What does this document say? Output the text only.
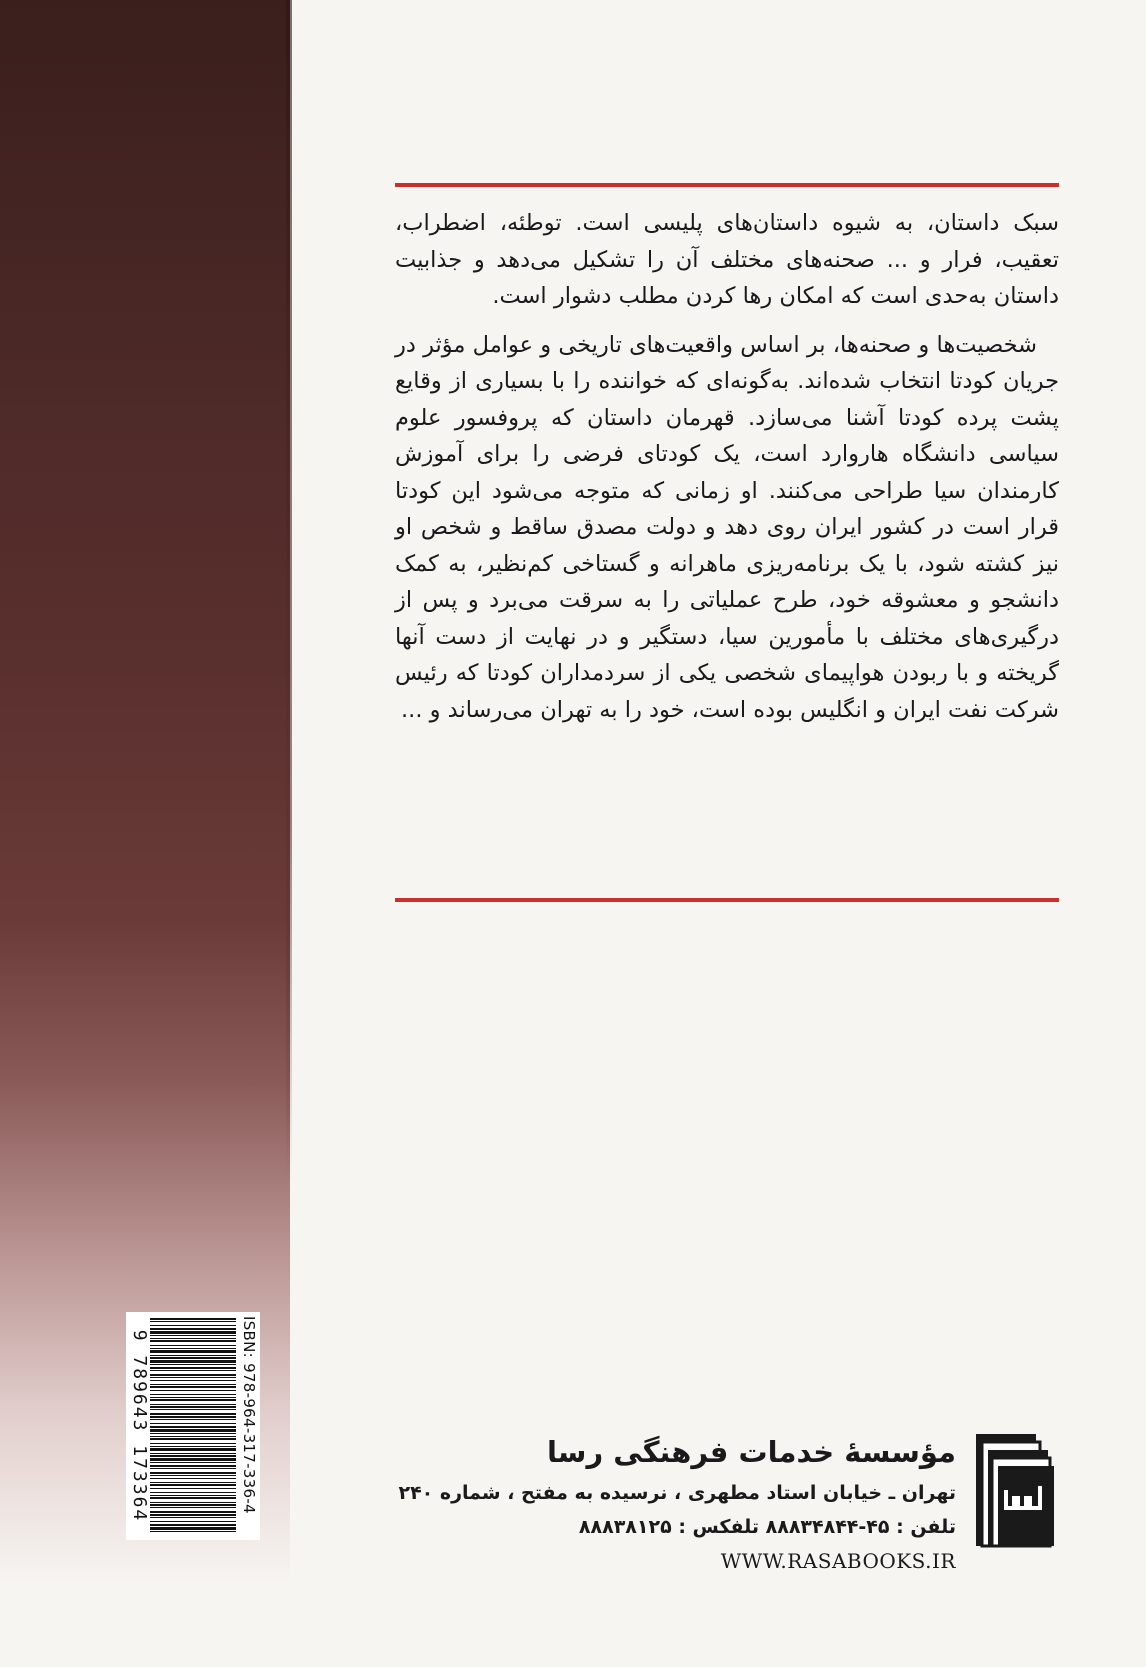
سبک داستان، به شیوه داستان‌های پلیسی است. توطئه، اضطراب، تعقیب، فرار و ... صحنه‌های مختلف آن را تشکیل می‌دهد و جذابیت داستان به‌حدی است که امکان رها کردن مطلب دشوار است.

شخصیت‌ها و صحنه‌ها، بر اساس واقعیت‌های تاریخی و عوامل مؤثر در جریان کودتا انتخاب شده‌اند. به‌گونه‌ای که خواننده را با بسیاری از وقایع پشت پرده کودتا آشنا می‌سازد. قهرمان داستان که پروفسور علوم سیاسی دانشگاه هاروارد است، یک کودتای فرضی را برای آموزش کارمندان سیا طراحی می‌کنند. او زمانی که متوجه می‌شود این کودتا قرار است در کشور ایران روی دهد و دولت مصدق ساقط و شخص او نیز کشته شود، با یک برنامه‌ریزی ماهرانه و گستاخی کم‌نظیر، به کمک دانشجو و معشوقه خود، طرح عملیاتی را به سرقت می‌برد و پس از درگیری‌های مختلف با مأمورین سیا، دستگیر و در نهایت از دست آنها گریخته و با ربودن هواپیمای شخصی یکی از سردمداران کودتا که رئیس شرکت نفت ایران و انگلیس بوده است، خود را به تهران می‌رساند و ...

ISBN: 978-964-317-336-4
9 789643 173364	مؤسسهٔ خدمات فرهنگی رسا
تهران ـ خیابان استاد مطهری ، نرسیده به مفتح ، شماره ۲۴۰
تلفن : ۴۵-۸۸۸۳۴۸۴۴ تلفکس : ۸۸۸۳۸۱۲۵
WWW.RASABOOKS.IR
